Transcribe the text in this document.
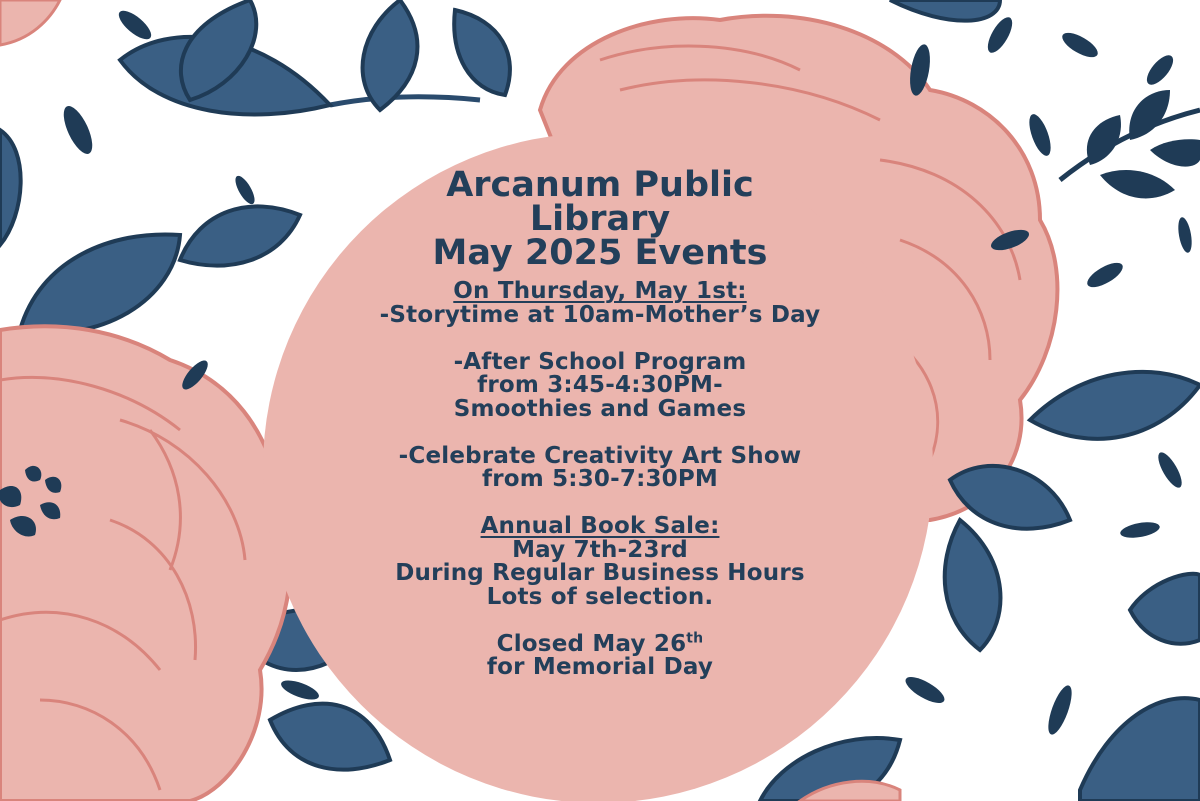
Arcanum Public
Library
May 2025 Events
On Thursday, May 1st:
-Storytime at 10am-Mother’s Day
-After School Program
from 3:45-4:30PM-
Smoothies and Games
-Celebrate Creativity Art Show
from 5:30-7:30PM
Annual Book Sale:
May 7th-23rd
During Regular Business Hours
Lots of selection.
Closed May 26th
for Memorial Day
